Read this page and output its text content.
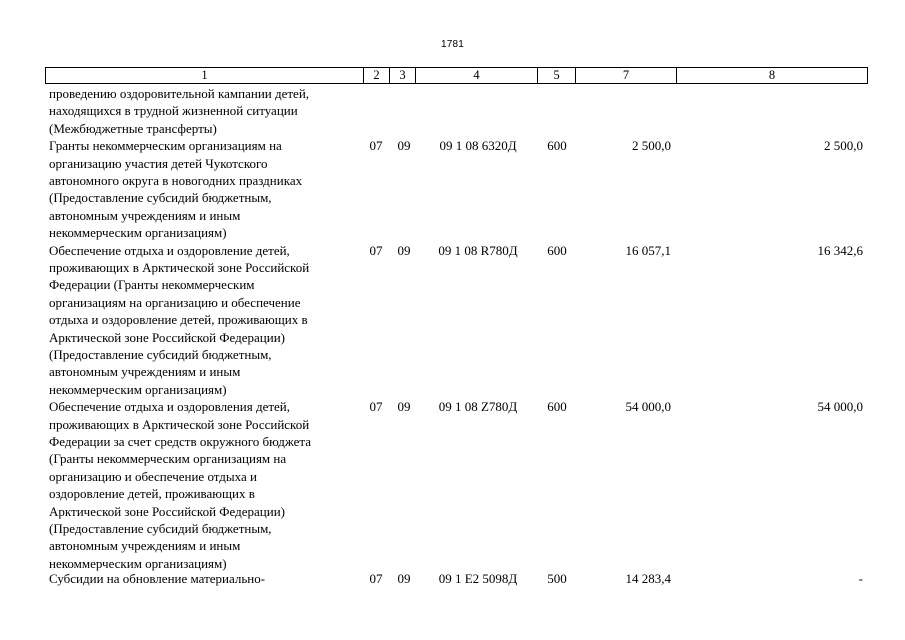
1781
1	2	3	4	5	7	8
проведению оздоровительной кампании детей,
находящихся в трудной жизненной ситуации
(Межбюджетные трансферты)
Гранты некоммерческим организациям на
организацию участия детей Чукотского
автономного округа в новогодних праздниках
(Предоставление субсидий бюджетным,
автономным учреждениям и иным
некоммерческим организациям)
07	09	09 1 08 6320Д	600	2 500,0	2 500,0
Обеспечение отдыха и оздоровление детей,
проживающих в Арктической зоне Российской
Федерации (Гранты некоммерческим
организациям на организацию и обеспечение
отдыха и оздоровление детей, проживающих в
Арктической зоне Российской Федерации)
(Предоставление субсидий бюджетным,
автономным учреждениям и иным
некоммерческим организациям)
07	09	09 1 08 R780Д	600	16 057,1	16 342,6
Обеспечение отдыха и оздоровления детей,
проживающих в Арктической зоне Российской
Федерации за счет средств окружного бюджета
(Гранты некоммерческим организациям на
организацию и обеспечение отдыха и
оздоровление детей, проживающих в
Арктической зоне Российской Федерации)
(Предоставление субсидий бюджетным,
автономным учреждениям и иным
некоммерческим организациям)
07	09	09 1 08 Z780Д	600	54 000,0	54 000,0
Субсидии на обновление материально-	07	09	09 1 E2 5098Д	500	14 283,4	-
